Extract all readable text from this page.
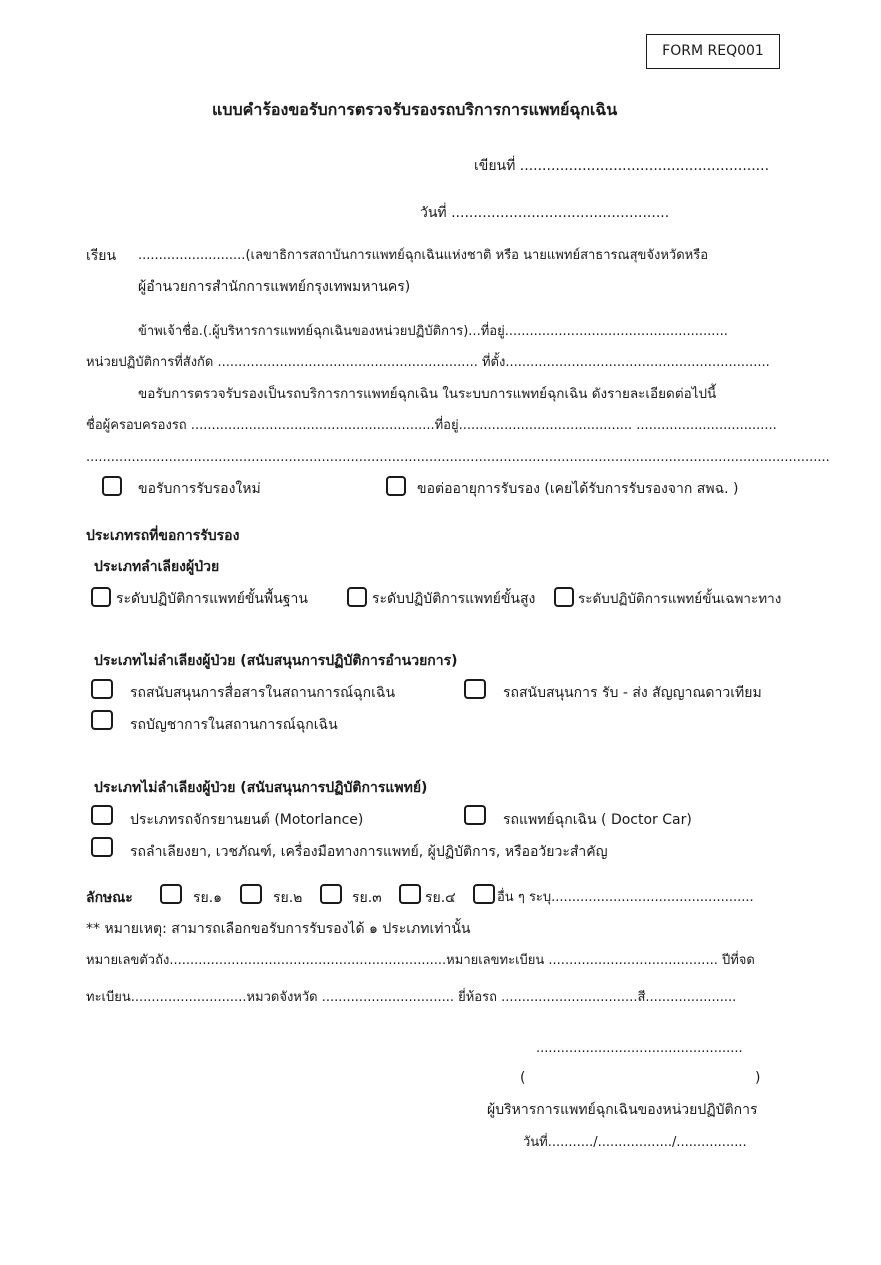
FORM REQ001
แบบคำร้องขอรับการตรวจรับรองรถบริการการแพทย์ฉุกเฉิน
เขียนที่ ........................................................
วันที่ .................................................
เรียน ..........................(เลขาธิการสถาบันการแพทย์ฉุกเฉินแห่งชาติ หรือ นายแพทย์สาธารณสุขจังหวัดหรือ
ผู้อำนวยการสำนักการแพทย์กรุงเทพมหานคร)
ข้าพเจ้าชื่อ.(.ผู้บริหารการแพทย์ฉุกเฉินของหน่วยปฏิบัติการ)...ที่อยู่......................................................
หน่วยปฏิบัติการที่สังกัด ............................................................... ที่ตั้ง................................................................
ขอรับการตรวจรับรองเป็นรถบริการการแพทย์ฉุกเฉิน ในระบบการแพทย์ฉุกเฉิน ดังรายละเอียดต่อไปนี้
ชื่อผู้ครอบครองรถ ...........................................................ที่อยู่.......................................... ..................................
....................................................................................................................................................................................
ขอรับการรับรองใหม่	ขอต่ออายุการรับรอง (เคยได้รับการรับรองจาก สพฉ. )
ประเภทรถที่ขอการรับรอง
ประเภทลำเลียงผู้ป่วย
ระดับปฏิบัติการแพทย์ขั้นพื้นฐาน	ระดับปฏิบัติการแพทย์ขั้นสูง	ระดับปฏิบัติการแพทย์ขั้นเฉพาะทาง
ประเภทไม่ลำเลียงผู้ป่วย (สนับสนุนการปฏิบัติการอำนวยการ)
รถสนับสนุนการสื่อสารในสถานการณ์ฉุกเฉิน	รถสนับสนุนการ รับ - ส่ง สัญญาณดาวเทียม
รถบัญชาการในสถานการณ์ฉุกเฉิน
ประเภทไม่ลำเลียงผู้ป่วย (สนับสนุนการปฏิบัติการแพทย์)
ประเภทรถจักรยานยนต์ (Motorlance)	รถแพทย์ฉุกเฉิน ( Doctor Car)
รถลำเลียงยา, เวชภัณฑ์, เครื่องมือทางการแพทย์, ผู้ปฏิบัติการ, หรืออวัยวะสำคัญ
ลักษณะ	รย.๑	รย.๒	รย.๓	รย.๔	อื่น ๆ ระบุ.................................................
** หมายเหตุ: สามารถเลือกขอรับการรับรองได้ ๑ ประเภทเท่านั้น
หมายเลขตัวถัง...................................................................หมายเลขทะเบียน ......................................... ปีที่จด
ทะเบียน............................หมวดจังหวัด ................................ ยี่ห้อรถ .................................สี......................
..................................................
(	)
ผู้บริหารการแพทย์ฉุกเฉินของหน่วยปฏิบัติการ
วันที่.........../................../.................
